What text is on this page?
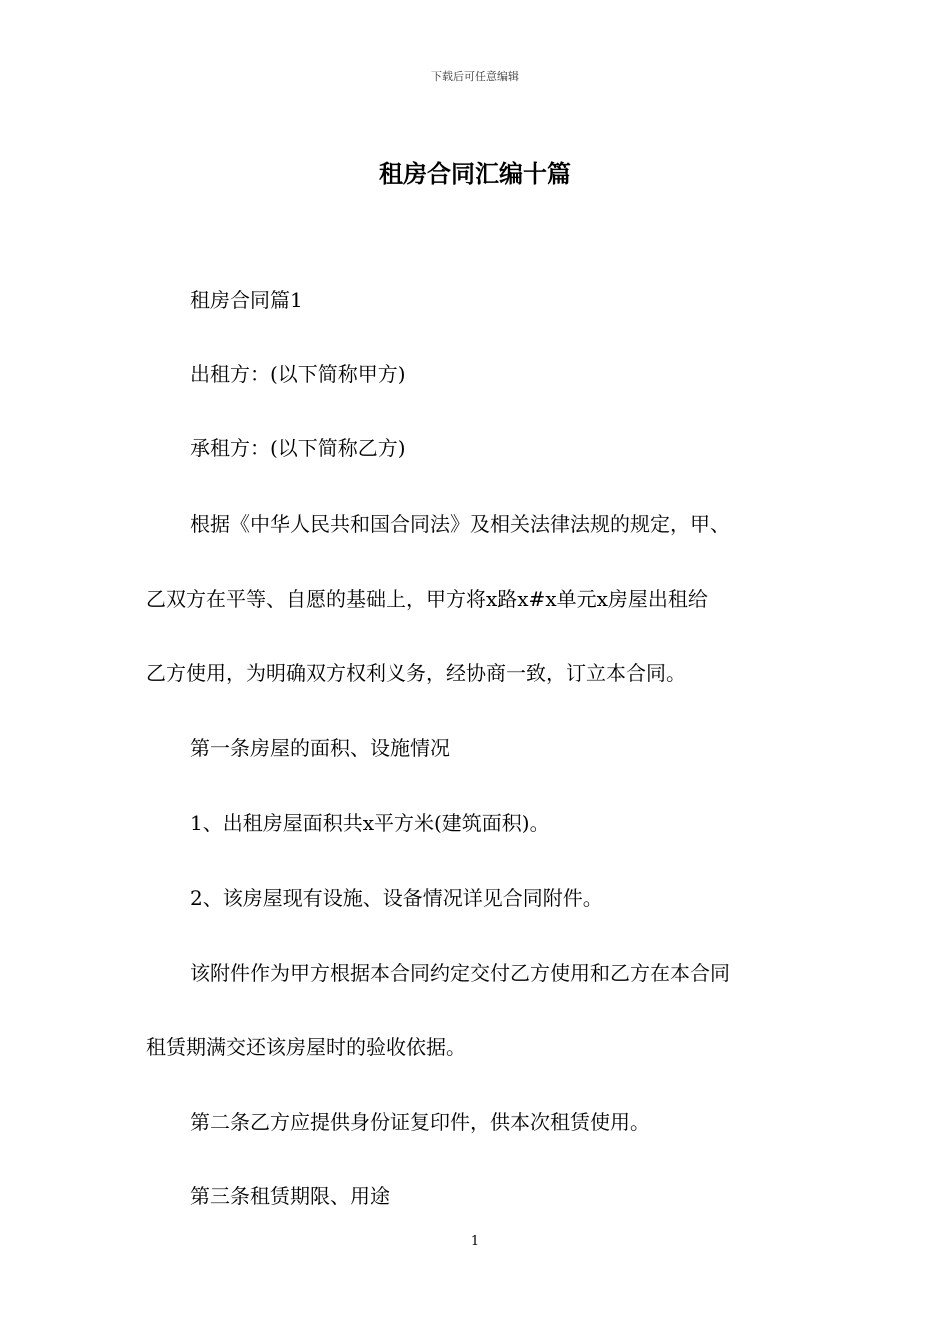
下载后可任意编辑
租房合同汇编十篇
租房合同篇1
出租方：(以下简称甲方)
承租方：(以下简称乙方)
根据《中华人民共和国合同法》及相关法律法规的规定，甲、
乙双方在平等、自愿的基础上，甲方将x路x#x单元x房屋出租给
乙方使用，为明确双方权利义务，经协商一致，订立本合同。
第一条房屋的面积、设施情况
1、出租房屋面积共x平方米(建筑面积)。
2、该房屋现有设施、设备情况详见合同附件。
该附件作为甲方根据本合同约定交付乙方使用和乙方在本合同
租赁期满交还该房屋时的验收依据。
第二条乙方应提供身份证复印件，供本次租赁使用。
第三条租赁期限、用途
1
